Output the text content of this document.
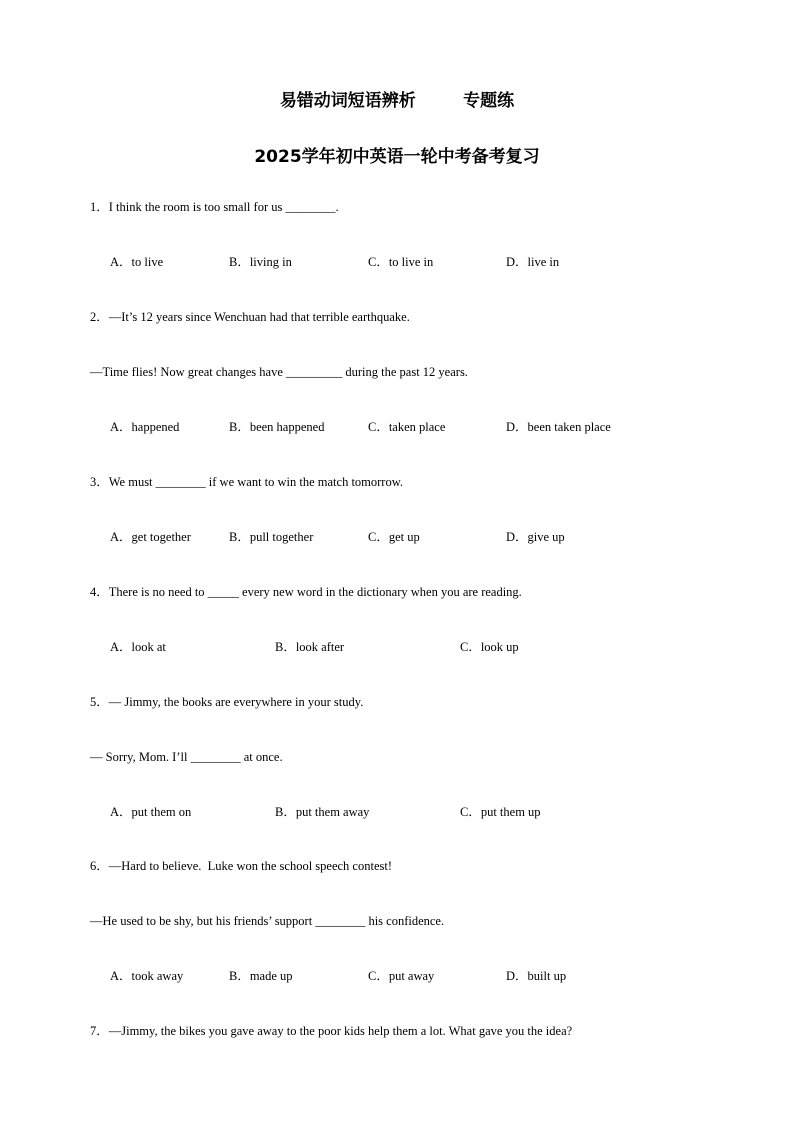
易错动词短语辨析        专题练
2025学年初中英语一轮中考备考复习
1．I think the room is too small for us ________.
A．to live	B．living in	C．to live in	D．live in
2．—It’s 12 years since Wenchuan had that terrible earthquake.
—Time flies! Now great changes have _________ during the past 12 years.
A．happened	B．been happened	C．taken place	D．been taken place
3．We must ________ if we want to win the match tomorrow.
A．get together	B．pull together	C．get up	D．give up
4．There is no need to _____ every new word in the dictionary when you are reading.
A．look at	B．look after	C．look up
5．— Jimmy, the books are everywhere in your study.
— Sorry, Mom. I’ll ________ at once.
A．put them on	B．put them away	C．put them up
6．—Hard to believe.  Luke won the school speech contest!
—He used to be shy, but his friends’ support ________ his confidence.
A．took away	B．made up	C．put away	D．built up
7．—Jimmy, the bikes you gave away to the poor kids help them a lot. What gave you the idea?
